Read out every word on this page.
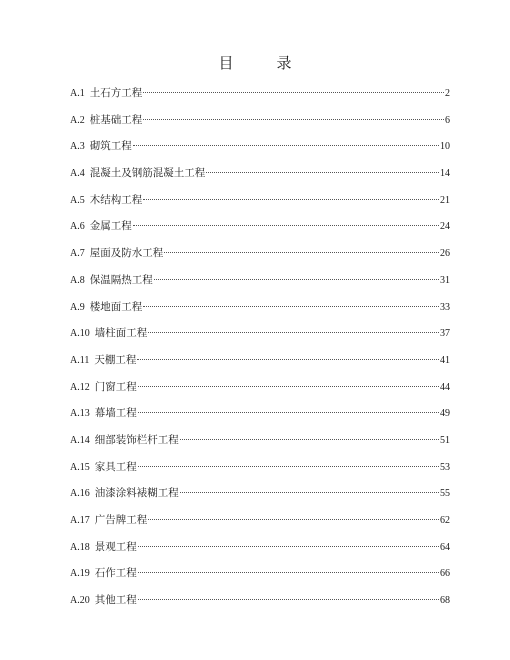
目　录
A.1 土石方工程	2
A.2 桩基础工程	6
A.3 砌筑工程	10
A.4 混凝土及钢筋混凝土工程	14
A.5 木结构工程	21
A.6 金属工程	24
A.7 屋面及防水工程	26
A.8 保温隔热工程	31
A.9 楼地面工程	33
A.10 墙柱面工程	37
A.11 天棚工程	41
A.12 门窗工程	44
A.13 幕墙工程	49
A.14 细部装饰栏杆工程	51
A.15 家具工程	53
A.16 油漆涂料裱糊工程	55
A.17 广告牌工程	62
A.18 景观工程	64
A.19 石作工程	66
A.20 其他工程	68
